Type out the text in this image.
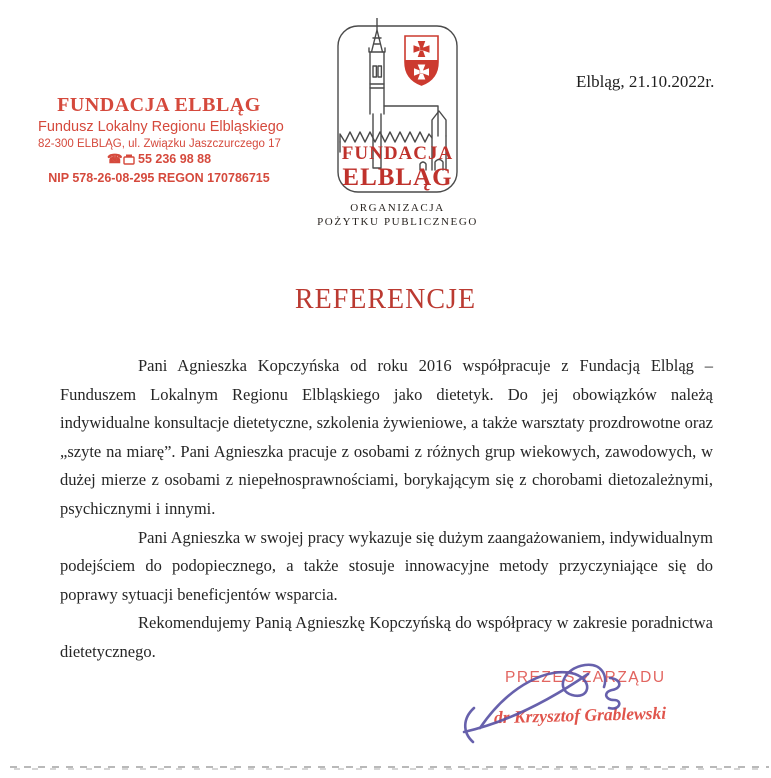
FUNDACJA ELBLĄG
Fundusz Lokalny Regionu Elbląskiego
82-300 ELBLĄG, ul. Związku Jaszczurczego 17
☎ 55 236 98 88
NIP 578-26-08-295 REGON 170786715
FUNDACJA
ELBLĄG
ORGANIZACJA
POŻYTKU PUBLICZNEGO
Elbląg, 21.10.2022r.
REFERENCJE

Pani Agnieszka Kopczyńska od roku 2016 współpracuje z Fundacją Elbląg – Funduszem Lokalnym Regionu Elbląskiego jako dietetyk. Do jej obowiązków należą indywidualne konsultacje dietetyczne, szkolenia żywieniowe, a także warsztaty prozdrowotne oraz „szyte na miarę”. Pani Agnieszka pracuje z osobami z różnych grup wiekowych, zawodowych, w dużej mierze z osobami z niepełnosprawnościami, borykającym się z chorobami dietozależnymi, psychicznymi i innymi.

Pani Agnieszka w swojej pracy wykazuje się dużym zaangażowaniem, indywidualnym podejściem do podopiecznego, a także stosuje innowacyjne metody przyczyniające się do poprawy sytuacji beneficjentów wsparcia.

Rekomendujemy Panią Agnieszkę Kopczyńską do współpracy w zakresie poradnictwa dietetycznego.

PREZES ZARZĄDU
dr Krzysztof Grablewski
